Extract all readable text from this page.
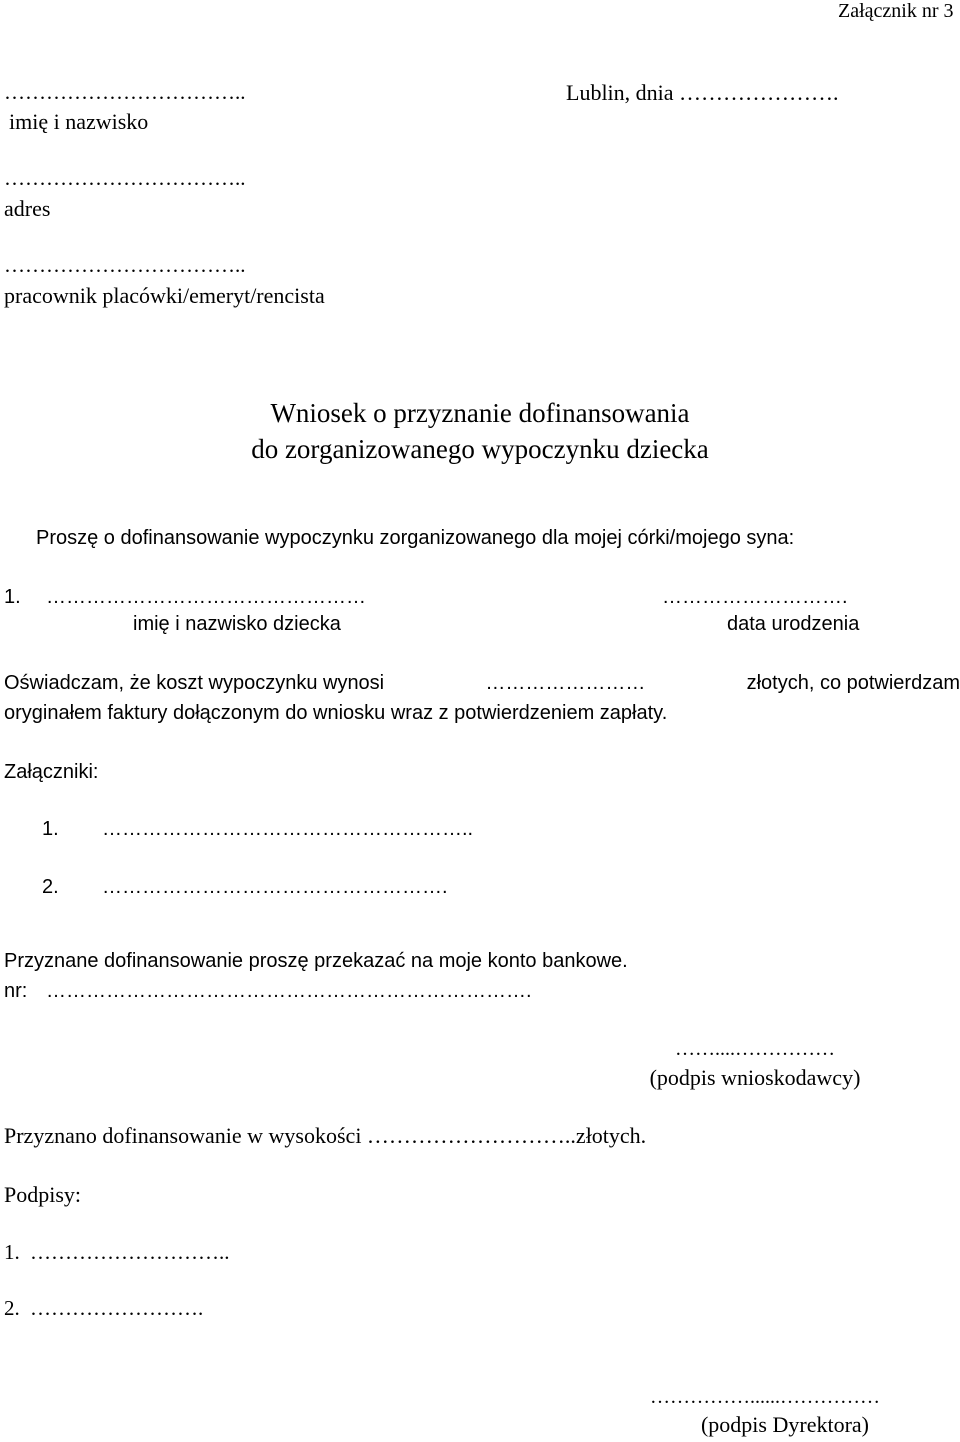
Załącznik nr 3
……………………………..	Lublin, dnia ………………….
imię i nazwisko
……………………………..
adres
……………………………..
pracownik placówki/emeryt/rencista
Wniosek o przyznanie dofinansowania
do zorganizowanego wypoczynku dziecka
Proszę o dofinansowanie wypoczynku zorganizowanego dla mojej córki/mojego syna:
1. …………………………………………	……………………….
imię i nazwisko dziecka	data urodzenia
Oświadczam, że koszt wypoczynku wynosi	……………………	złotych, co potwierdzam
oryginałem faktury dołączonym do wniosku wraz z potwierdzeniem zapłaty.
Załączniki:
1. ………………………………………………..
2. …………………………………………….
Przyznane dofinansowanie proszę przekazać na moje konto bankowe.
nr: ……………………………………………………………….
……....……………
(podpis wnioskodawcy)
Przyznano dofinansowanie w wysokości ………………………..złotych.
Podpisy:
1. ………………………..
2. …………………….
……………......……………
(podpis Dyrektora)
